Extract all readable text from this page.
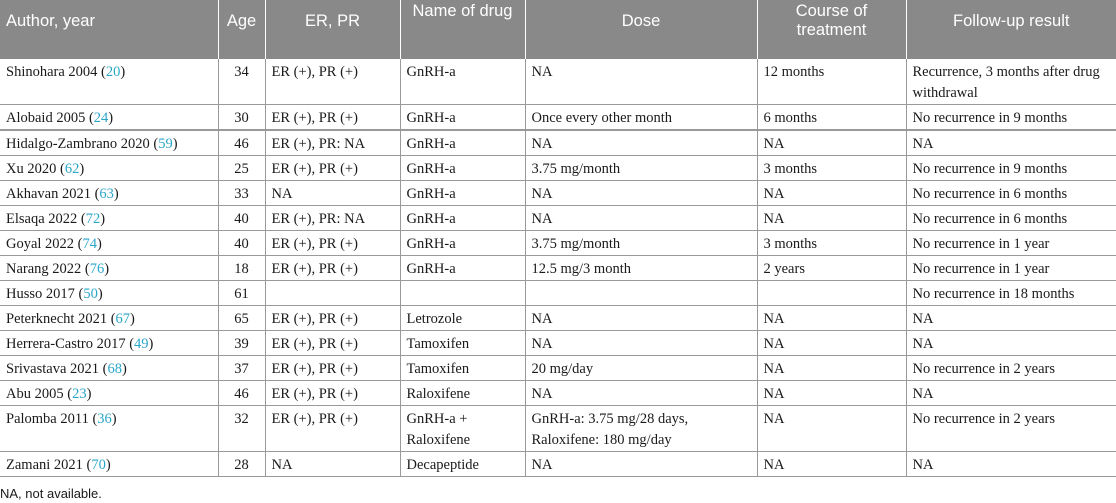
Author, year	Age	ER, PR	Name of drug	Dose	Course of treatment	Follow-up result
Shinohara 2004 (20)	34	ER (+), PR (+)	GnRH-a	NA	12 months	Recurrence, 3 months after drug withdrawal
Alobaid 2005 (24)	30	ER (+), PR (+)	GnRH-a	Once every other month	6 months	No recurrence in 9 months
Hidalgo-Zambrano 2020 (59)	46	ER (+), PR: NA	GnRH-a	NA	NA	NA
Xu 2020 (62)	25	ER (+), PR (+)	GnRH-a	3.75 mg/month	3 months	No recurrence in 9 months
Akhavan 2021 (63)	33	NA	GnRH-a	NA	NA	No recurrence in 6 months
Elsaqa 2022 (72)	40	ER (+), PR: NA	GnRH-a	NA	NA	No recurrence in 6 months
Goyal 2022 (74)	40	ER (+), PR (+)	GnRH-a	3.75 mg/month	3 months	No recurrence in 1 year
Narang 2022 (76)	18	ER (+), PR (+)	GnRH-a	12.5 mg/3 month	2 years	No recurrence in 1 year
Husso 2017 (50)	61					No recurrence in 18 months
Peterknecht 2021 (67)	65	ER (+), PR (+)	Letrozole	NA	NA	NA
Herrera-Castro 2017 (49)	39	ER (+), PR (+)	Tamoxifen	NA	NA	NA
Srivastava 2021 (68)	37	ER (+), PR (+)	Tamoxifen	20 mg/day	NA	No recurrence in 2 years
Abu 2005 (23)	46	ER (+), PR (+)	Raloxifene	NA	NA	NA
Palomba 2011 (36)	32	ER (+), PR (+)	GnRH-a + Raloxifene	GnRH-a: 3.75 mg/28 days, Raloxifene: 180 mg/day	NA	No recurrence in 2 years
Zamani 2021 (70)	28	NA	Decapeptide	NA	NA	NA
NA, not available.
